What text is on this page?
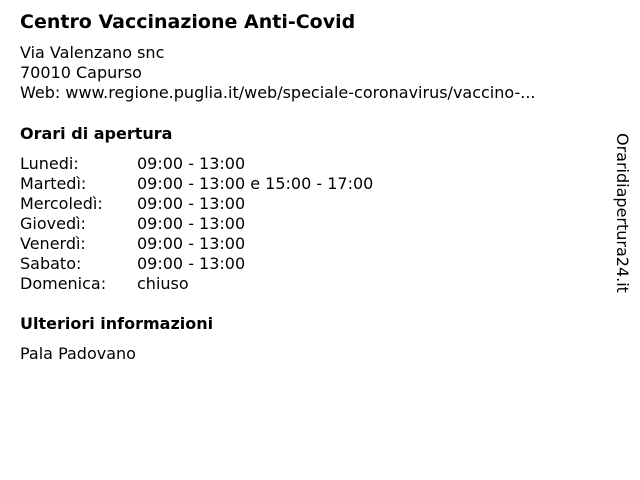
Centro Vaccinazione Anti-Covid
Via Valenzano snc
70010 Capurso
Web: www.regione.puglia.it/web/speciale-coronavirus/vaccino-...
Orari di apertura
Lunedi:	09:00 - 13:00
Martedì:	09:00 - 13:00 e 15:00 - 17:00
Mercoledì:	09:00 - 13:00
Giovedì:	09:00 - 13:00
Venerdì:	09:00 - 13:00
Sabato:	09:00 - 13:00
Domenica:	chiuso
Ulteriori informazioni
Pala Padovano
Oraridiapertura24.it
